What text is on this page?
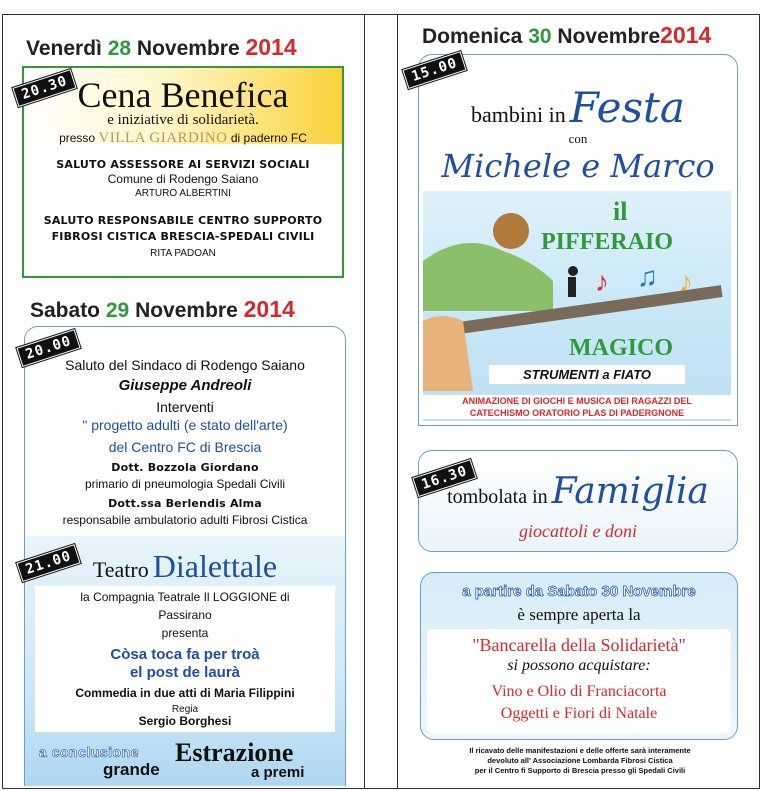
Venerdì 28 Novembre 2014
Cena Benefica
e iniziative di solidarietà.
presso VILLA GIARDINO di paderno FC
SALUTO ASSESSORE AI SERVIZI SOCIALI
Comune di Rodengo Saiano
ARTURO ALBERTINI
SALUTO RESPONSABILE CENTRO SUPPORTO
FIBROSI CISTICA BRESCIA-SPEDALI CIVILI
RITA PADOAN
20.30
Sabato 29 Novembre 2014
Saluto del Sindaco di Rodengo Saiano
Giuseppe Andreoli
Interventi
" progetto adulti (e stato dell'arte)
del Centro FC di Brescia
Dott. Bozzola Giordano
primario di pneumologia Spedali Civili
Dott.ssa Berlendis Alma
responsabile ambulatorio adulti Fibrosi Cistica
20.00
Teatro Dialettale
la Compagnia Teatrale Il LOGGIONE di
Passirano
presenta
Còsa toca fa per troà
el post de laurà
Commedia in due atti di Maria Filippini
Regia
Sergio Borghesi
a conclusione
grande
Estrazione
a premi
21.00
Domenica 30 Novembre2014
bambini in Festa
con
Michele e Marco
♪ ♫ ♪
il
PIFFERAIO
MAGICO
STRUMENTI a FIATO
ANIMAZIONE DI GIOCHI E MUSICA DEI RAGAZZI DEL
CATECHISMO ORATORIO PLAS DI PADERGNONE
15.00
tombolata in Famiglia
giocattoli e doni
16.30
a partire da Sabato 30 Novembre
è sempre aperta la
"Bancarella della Solidarietà"
si possono acquistare:
Vino e Olio di Franciacorta
Oggetti e Fiori di Natale
Il ricavato delle manifestazioni e delle offerte sarà interamente
devoluto all' Associazione Lombarda Fibrosi Cistica
per il Centro fi Supporto di Brescia presso gli Spedali Civili
